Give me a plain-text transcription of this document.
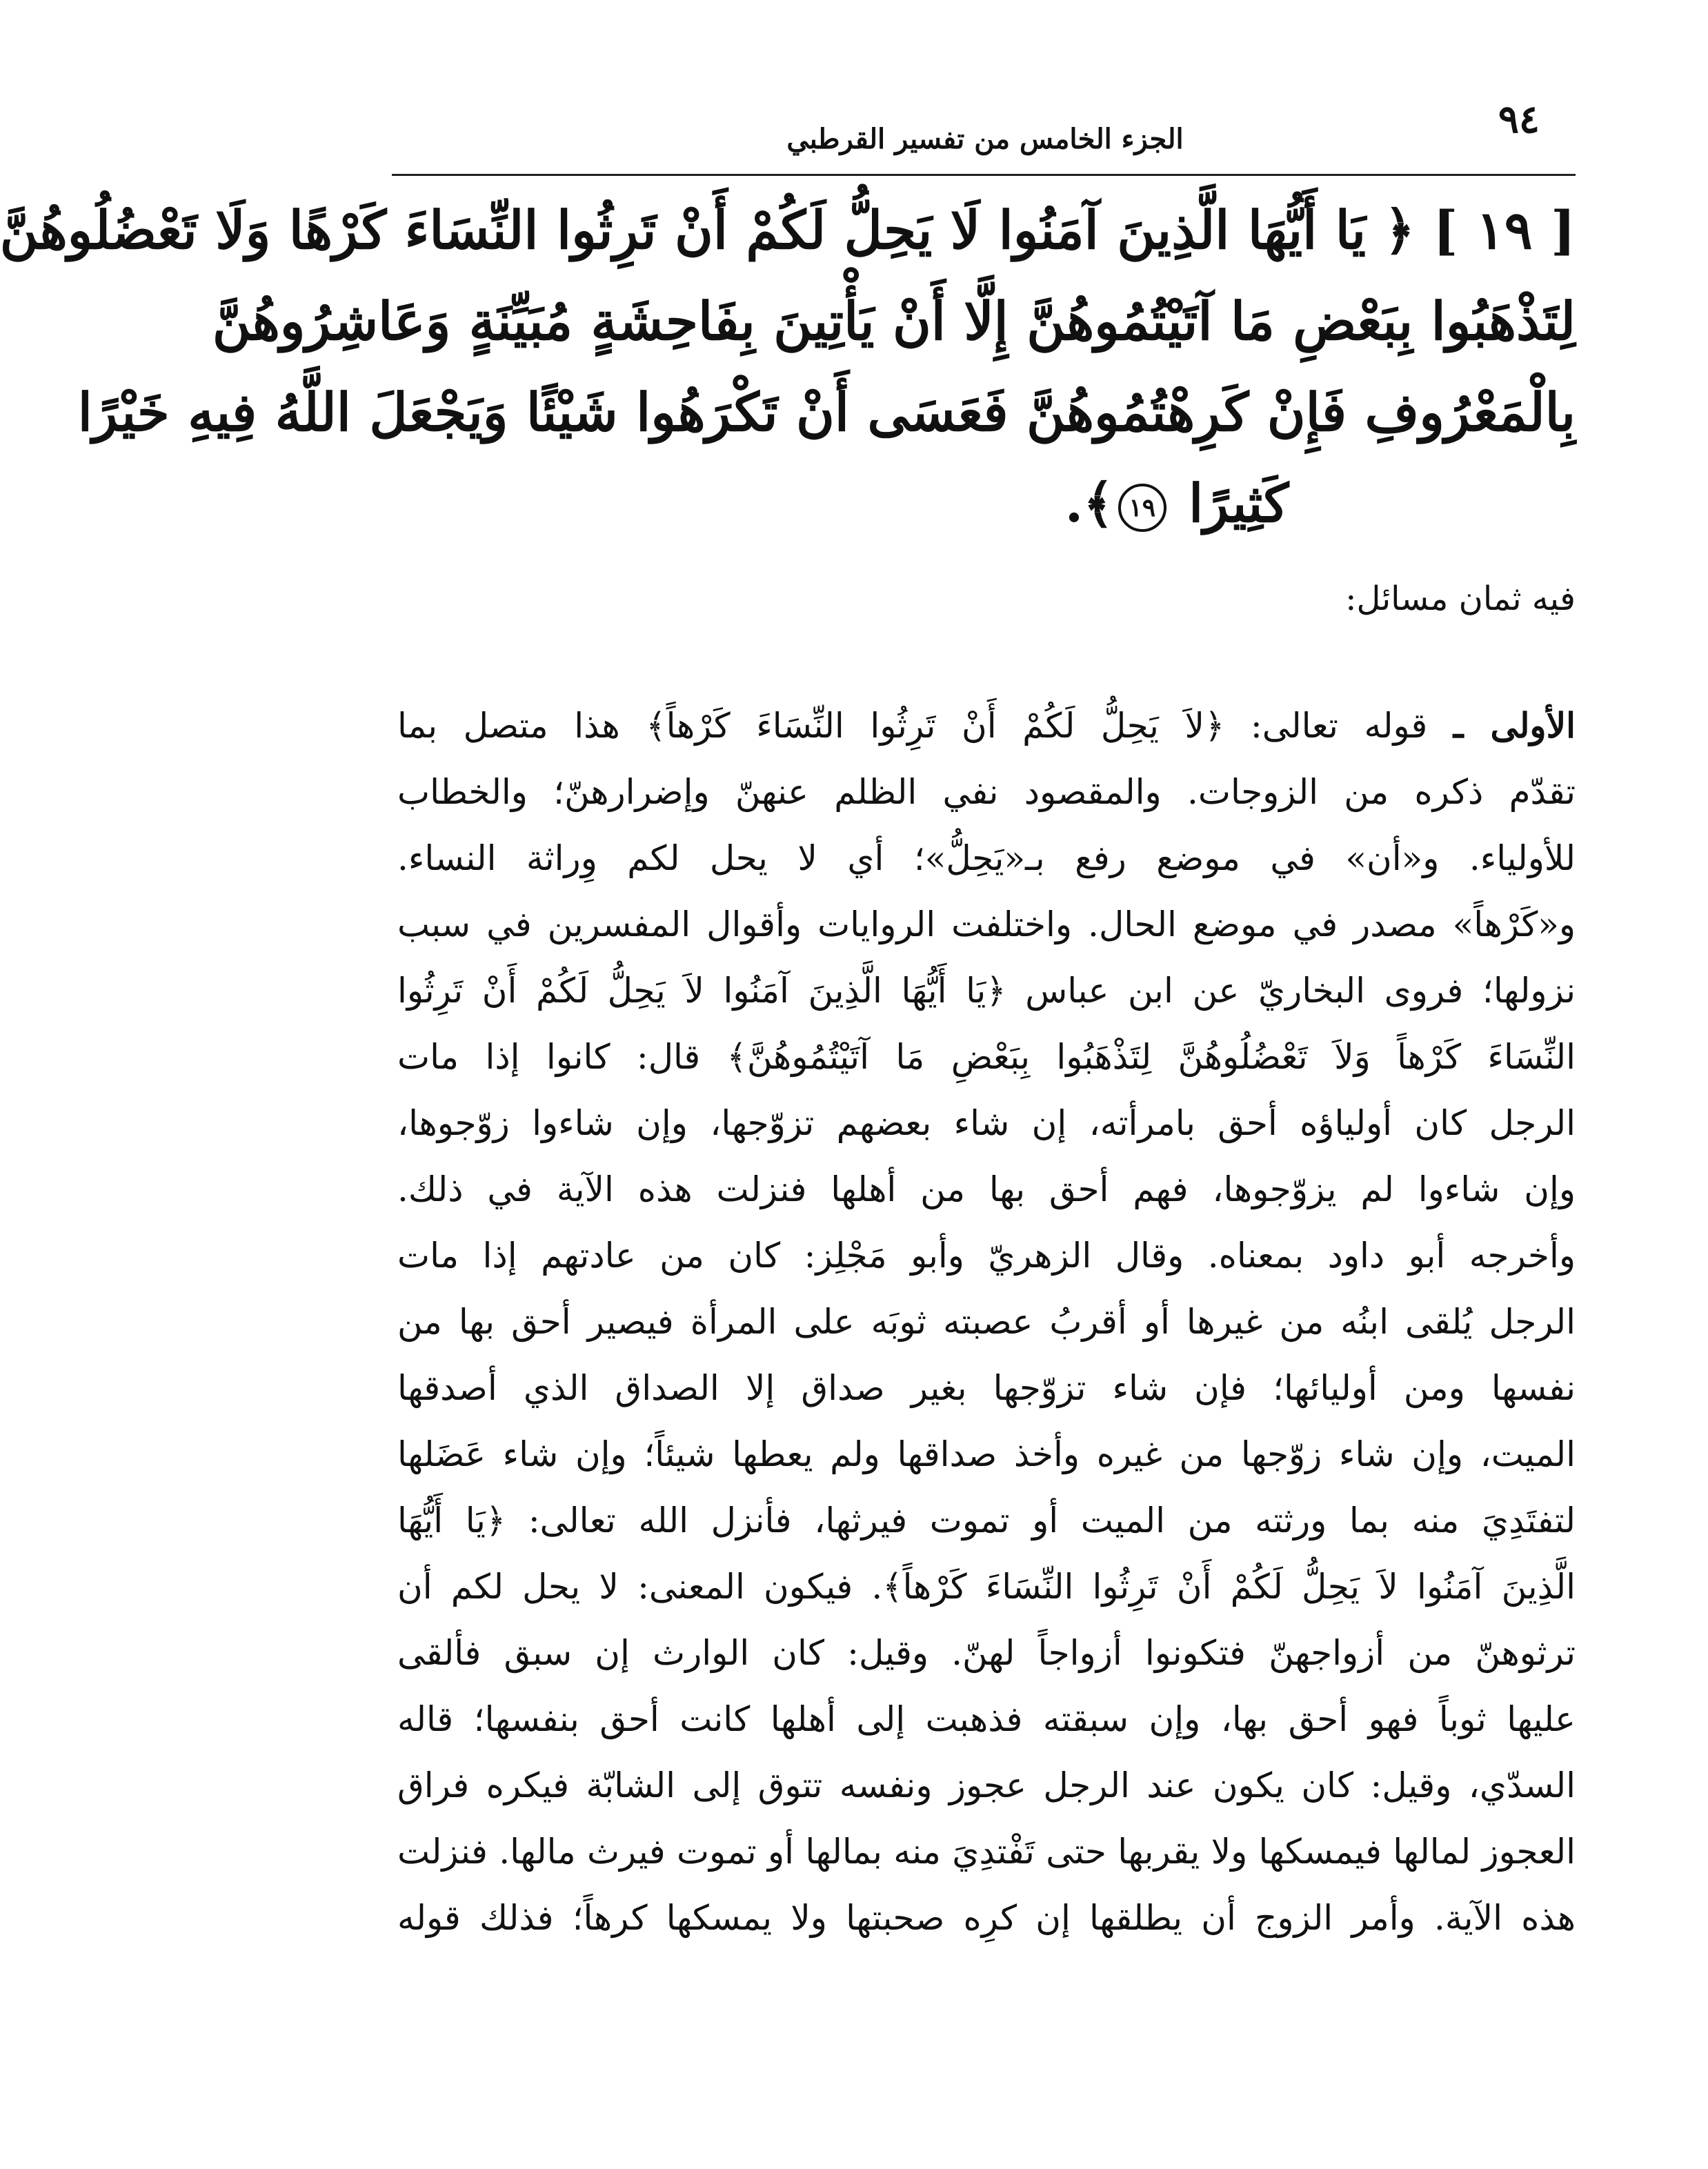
٩٤
الجزء الخامس من تفسير القرطبي
[ ١٩ ] ﴿ يَا أَيُّهَا الَّذِينَ آمَنُوا لَا يَحِلُّ لَكُمْ أَنْ تَرِثُوا النِّسَاءَ كَرْهًا وَلَا تَعْضُلُوهُنَّ
لِتَذْهَبُوا بِبَعْضِ مَا آتَيْتُمُوهُنَّ إِلَّا أَنْ يَأْتِينَ بِفَاحِشَةٍ مُبَيِّنَةٍ وَعَاشِرُوهُنَّ
بِالْمَعْرُوفِ فَإِنْ كَرِهْتُمُوهُنَّ فَعَسَى أَنْ تَكْرَهُوا شَيْئًا وَيَجْعَلَ اللَّهُ فِيهِ خَيْرًا
كَثِيرًا ١٩﴾.
فيه ثمان مسائل:
الأولى ـ قوله تعالى: ﴿لاَ يَحِلُّ لَكُمْ أَنْ تَرِثُوا النِّسَاءَ كَرْهاً﴾ هذا متصل بما
تقدّم ذكره من الزوجات. والمقصود نفي الظلم عنهنّ وإضرارهنّ؛ والخطاب
للأولياء. و«أن» في موضع رفع بـ«يَحِلُّ»؛ أي لا يحل لكم وِراثة النساء.
و«كَرْهاً» مصدر في موضع الحال. واختلفت الروايات وأقوال المفسرين في سبب
نزولها؛ فروى البخاريّ عن ابن عباس ﴿يَا أَيُّهَا الَّذِينَ آمَنُوا لاَ يَحِلُّ لَكُمْ أَنْ تَرِثُوا
النِّسَاءَ كَرْهاً وَلاَ تَعْضُلُوهُنَّ لِتَذْهَبُوا بِبَعْضِ مَا آتَيْتُمُوهُنَّ﴾ قال: كانوا إذا مات
الرجل كان أولياؤه أحق بامرأته، إن شاء بعضهم تزوّجها، وإن شاءوا زوّجوها،
وإن شاءوا لم يزوّجوها، فهم أحق بها من أهلها فنزلت هذه الآية في ذلك.
وأخرجه أبو داود بمعناه. وقال الزهريّ وأبو مَجْلِز: كان من عادتهم إذا مات
الرجل يُلقى ابنُه من غيرها أو أقربُ عصبته ثوبَه على المرأة فيصير أحق بها من
نفسها ومن أوليائها؛ فإن شاء تزوّجها بغير صداق إلا الصداق الذي أصدقها
الميت، وإن شاء زوّجها من غيره وأخذ صداقها ولم يعطها شيئاً؛ وإن شاء عَضَلها
لتفتَدِيَ منه بما ورثته من الميت أو تموت فيرثها، فأنزل الله تعالى: ﴿يَا أَيُّهَا
الَّذِينَ آمَنُوا لاَ يَحِلُّ لَكُمْ أَنْ تَرِثُوا النِّسَاءَ كَرْهاً﴾. فيكون المعنى: لا يحل لكم أن
ترثوهنّ من أزواجهنّ فتكونوا أزواجاً لهنّ. وقيل: كان الوارث إن سبق فألقى
عليها ثوباً فهو أحق بها، وإن سبقته فذهبت إلى أهلها كانت أحق بنفسها؛ قاله
السدّي، وقيل: كان يكون عند الرجل عجوز ونفسه تتوق إلى الشابّة فيكره فراق
العجوز لمالها فيمسكها ولا يقربها حتى تَفْتدِيَ منه بمالها أو تموت فيرث مالها. فنزلت
هذه الآية. وأمر الزوج أن يطلقها إن كرِه صحبتها ولا يمسكها كرهاً؛ فذلك قوله
